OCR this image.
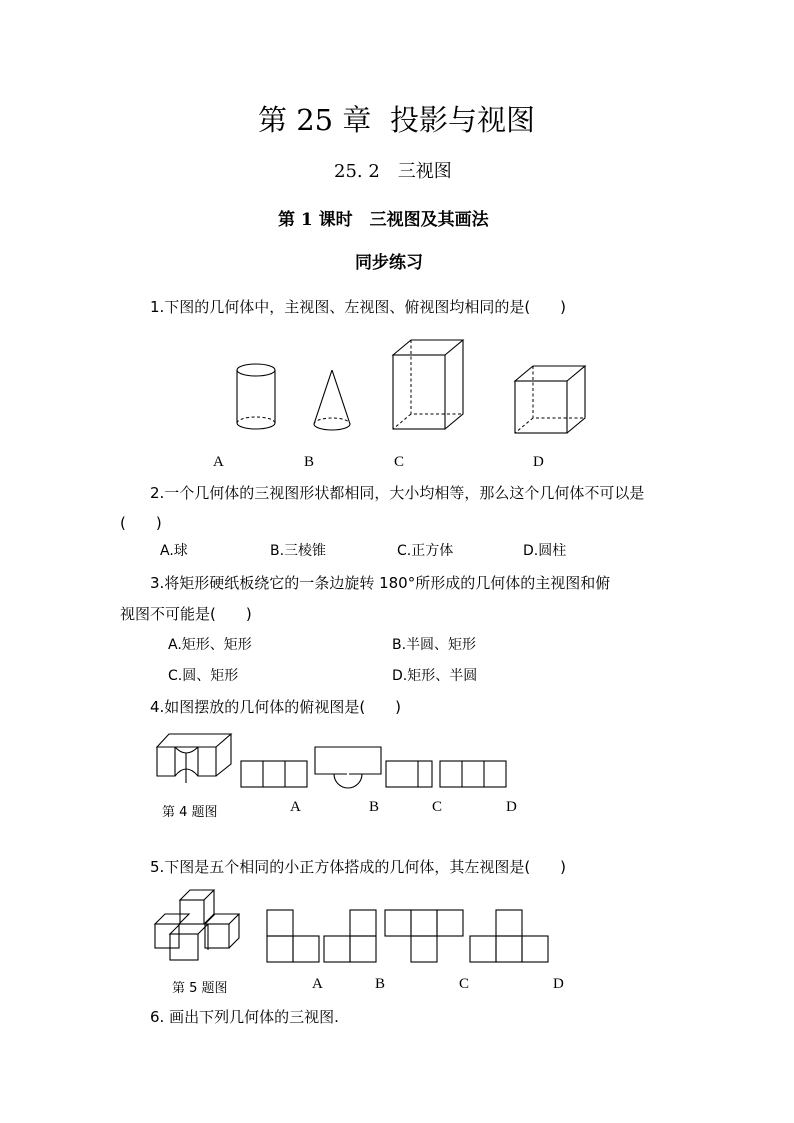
第 25 章 投影与视图
25. 2　三视图
第 1 课时　三视图及其画法
同步练习
1.下图的几何体中，主视图、左视图、俯视图均相同的是(　　)
A	B	C	D
2.一个几何体的三视图形状都相同，大小均相等，那么这个几何体不可以是
(　　)
A.球	B.三棱锥	C.正方体	D.圆柱
3.将矩形硬纸板绕它的一条边旋转 180°所形成的几何体的主视图和俯
视图不可能是(　　)
A.矩形、矩形	B.半圆、矩形
C.圆、矩形	D.矩形、半圆
4.如图摆放的几何体的俯视图是(　　)
第 4 题图	A	B	C	D
5.下图是五个相同的小正方体搭成的几何体，其左视图是(　　)
第 5 题图	A	B	C	D
6. 画出下列几何体的三视图.
